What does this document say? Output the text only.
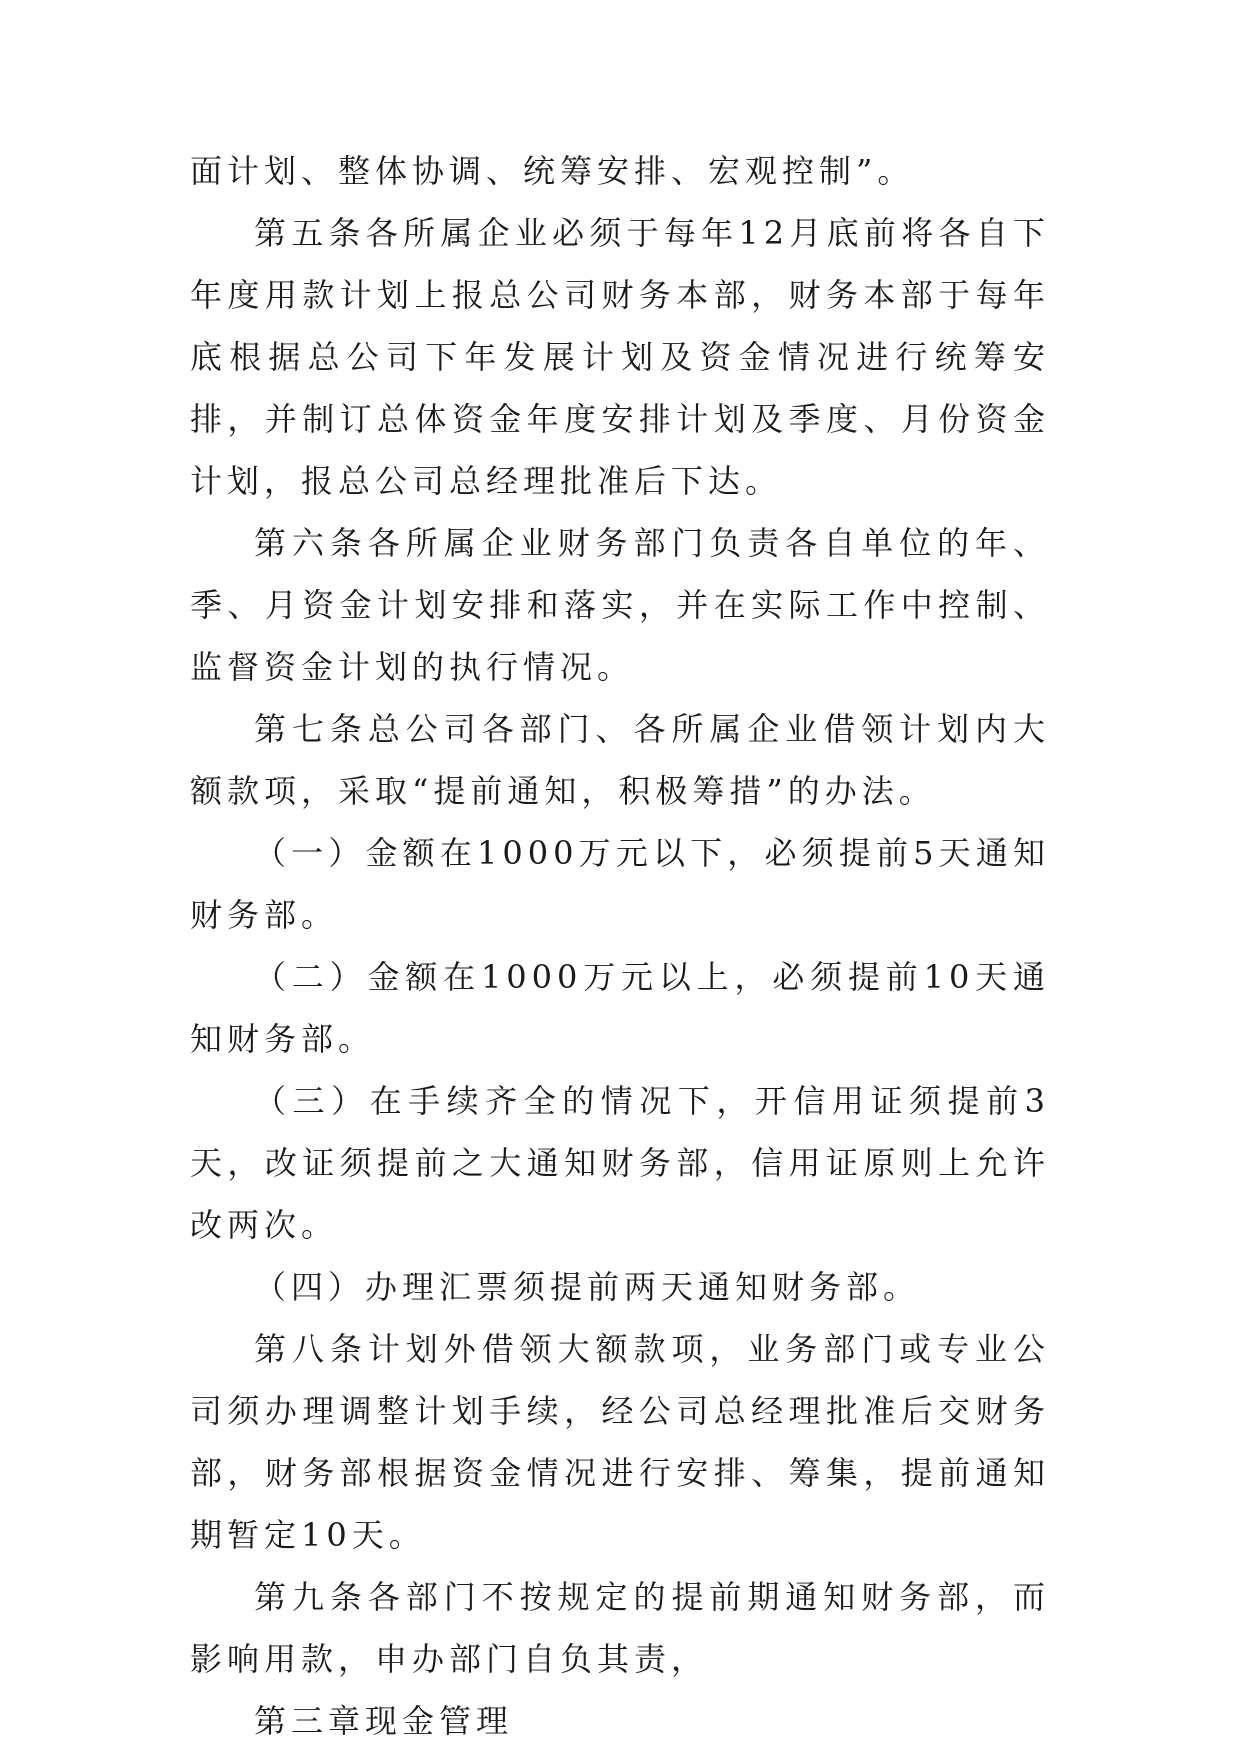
面计划、整体协调、统筹安排、宏观控制”。

第五条各所属企业必须于每年12月底前将各自下年度用款计划上报总公司财务本部，财务本部于每年底根据总公司下年发展计划及资金情况进行统筹安排，并制订总体资金年度安排计划及季度、月份资金计划，报总公司总经理批准后下达。

第六条各所属企业财务部门负责各自单位的年、季、月资金计划安排和落实，并在实际工作中控制、监督资金计划的执行情况。

第七条总公司各部门、各所属企业借领计划内大额款项，采取“提前通知，积极筹措”的办法。

（一）金额在1000万元以下，必须提前5天通知财务部。

（二）金额在1000万元以上，必须提前10天通知财务部。

（三）在手续齐全的情况下，开信用证须提前3天，改证须提前之大通知财务部，信用证原则上允许改两次。

（四）办理汇票须提前两天通知财务部。

第八条计划外借领大额款项，业务部门或专业公司须办理调整计划手续，经公司总经理批准后交财务部，财务部根据资金情况进行安排、筹集，提前通知期暂定10天。

第九条各部门不按规定的提前期通知财务部，而影响用款，申办部门自负其责，

第三章现金管理
